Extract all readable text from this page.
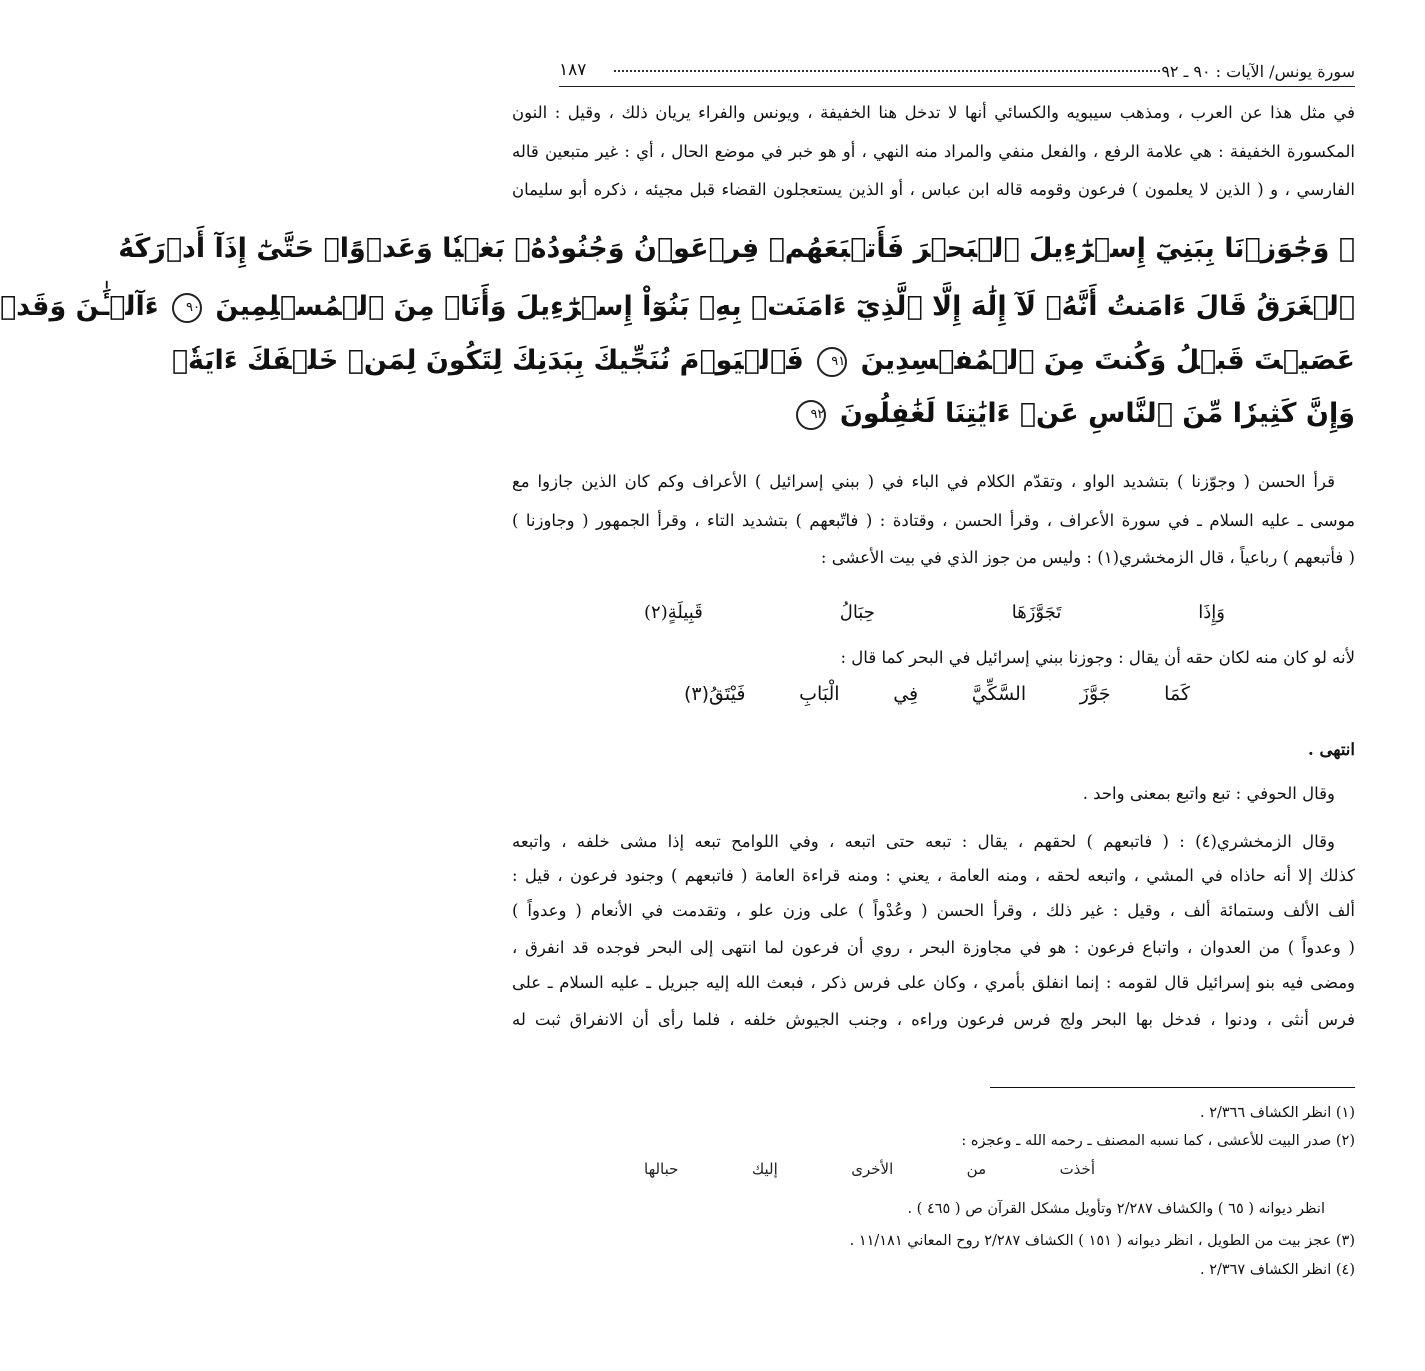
سورة يونس/ الآيات : ٩٠ ـ ٩٢
١٨٧
في مثل هذا عن العرب ، ومذهب سيبويه والكسائي أنها لا تدخل هنا الخفيفة ، ويونس والفراء يريان ذلك ، وقيل : النون
المكسورة الخفيفة : هي علامة الرفع ، والفعل منفي والمراد منه النهي ، أو هو خبر في موضع الحال ، أي : غير متبعين قاله
الفارسي ، و ( الذين لا يعلمون ) فرعون وقومه قاله ابن عباس ، أو الذين يستعجلون القضاء قبل مجيئه ، ذكره أبو سليمان
۞ وَجَٰوَزۡنَا بِبَنِيٓ إِسۡرَٰٓءِيلَ ٱلۡبَحۡرَ فَأَتۡبَعَهُمۡ فِرۡعَوۡنُ وَجُنُودُهُۥ بَغۡيٗا وَعَدۡوًاۖ حَتَّىٰٓ إِذَآ أَدۡرَكَهُ
ٱلۡغَرَقُ قَالَ ءَامَنتُ أَنَّهُۥ لَآ إِلَٰهَ إِلَّا ٱلَّذِيٓ ءَامَنَتۡ بِهِۦ بَنُوٓاْ إِسۡرَٰٓءِيلَ وَأَنَا۠ مِنَ ٱلۡمُسۡلِمِينَ ٩٠ ءَآلۡـَٰٔنَ وَقَدۡ
عَصَيۡتَ قَبۡلُ وَكُنتَ مِنَ ٱلۡمُفۡسِدِينَ ٩١ فَٱلۡيَوۡمَ نُنَجِّيكَ بِبَدَنِكَ لِتَكُونَ لِمَنۡ خَلۡفَكَ ءَايَةٗۚ
وَإِنَّ كَثِيرٗا مِّنَ ٱلنَّاسِ عَنۡ ءَايَٰتِنَا لَغَٰفِلُونَ ٩٢
قرأ الحسن ( وجوّزنا ) بتشديد الواو ، وتقدّم الكلام في الباء في ( ببني إسرائيل ) الأعراف وكم كان الذين جازوا مع
موسى ـ عليه السلام ـ في سورة الأعراف ، وقرأ الحسن ، وقتادة : ( فاتّبعهم ) بتشديد التاء ، وقرأ الجمهور ( وجاوزنا )
( فأتبعهم ) رباعياً ، قال الزمخشري(١) : وليس من جوز الذي في بيت الأعشى :
وَإِذَا
تَجَوَّزَهَا
حِبَالُ
قَبِيلَةٍ(٢)
لأنه لو كان منه لكان حقه أن يقال : وجوزنا ببني إسرائيل في البحر كما قال :
كَمَا
جَوَّزَ
السَّكِّيَّ
فِي
الْبَابِ
فَيْتَقُ(٣)
انتهى .
وقال الحوفي : تبع واتبع بمعنى واحد .
وقال الزمخشري(٤) : ( فاتبعهم ) لحقهم ، يقال : تبعه حتى اتبعه ، وفي اللوامح تبعه إذا مشى خلفه ، واتبعه
كذلك إلا أنه حاذاه في المشي ، واتبعه لحقه ، ومنه العامة ، يعني : ومنه قراءة العامة ( فاتبعهم ) وجنود فرعون ، قيل :
ألف الألف وستمائة ألف ، وقيل : غير ذلك ، وقرأ الحسن ( وعُدْواً ) على وزن علو ، وتقدمت في الأنعام ( وعدواً )
( وعدواً ) من العدوان ، واتباع فرعون : هو في مجاوزة البحر ، روي أن فرعون لما انتهى إلى البحر فوجده قد انفرق ،
ومضى فيه بنو إسرائيل قال لقومه : إنما انفلق بأمري ، وكان على فرس ذكر ، فبعث الله إليه جبريل ـ عليه السلام ـ على
فرس أنثى ، ودنوا ، فدخل بها البحر ولج فرس فرعون وراءه ، وجنب الجيوش خلفه ، فلما رأى أن الانفراق ثبت له
(١) انظر الكشاف ٢/٣٦٦ .
(٢) صدر البيت للأعشى ، كما نسبه المصنف ـ رحمه الله ـ وعجزه :
أخذت
من
الأخرى
إليك
حبالها
انظر ديوانه ( ٦٥ ) والكشاف ٢/٢٨٧ وتأويل مشكل القرآن ص ( ٤٦٥ ) .
(٣) عجز بيت من الطويل ، انظر ديوانه ( ١٥١ ) الكشاف ٢/٢٨٧ روح المعاني ١١/١٨١ .
(٤) انظر الكشاف ٢/٣٦٧ .
